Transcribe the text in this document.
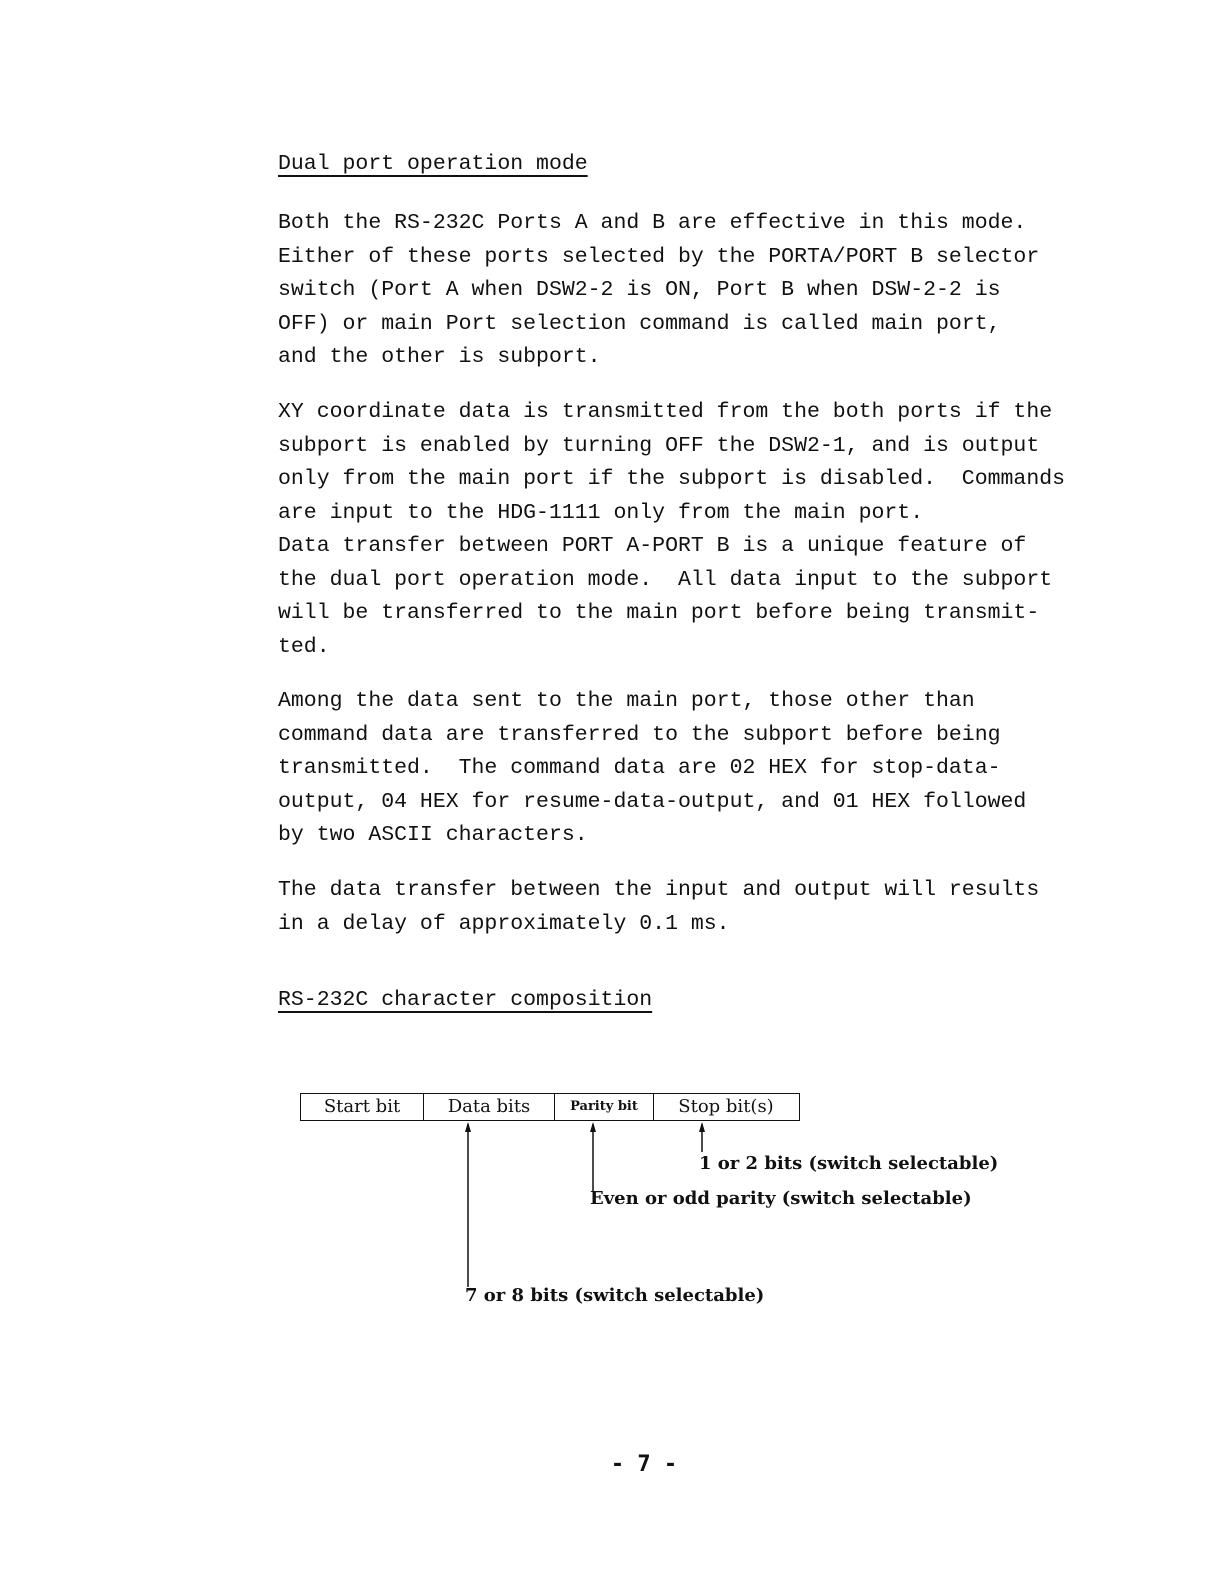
Dual port operation mode
Both the RS-232C Ports A and B are effective in this mode.
Either of these ports selected by the PORTA/PORT B selector
switch (Port A when DSW2-2 is ON, Port B when DSW-2-2 is
OFF) or main Port selection command is called main port,
and the other is subport.
XY coordinate data is transmitted from the both ports if the
subport is enabled by turning OFF the DSW2-1, and is output
only from the main port if the subport is disabled.  Commands
are input to the HDG-1111 only from the main port.
Data transfer between PORT A-PORT B is a unique feature of
the dual port operation mode.  All data input to the subport
will be transferred to the main port before being transmit-
ted.
Among the data sent to the main port, those other than
command data are transferred to the subport before being
transmitted.  The command data are 02 HEX for stop-data-
output, 04 HEX for resume-data-output, and 01 HEX followed
by two ASCII characters.
The data transfer between the input and output will results
in a delay of approximately 0.1 ms.
RS-232C character composition
Start bit	Data bits	Parity bit	Stop bit(s)
1 or 2 bits (switch selectable)
Even or odd parity (switch selectable)
7 or 8 bits (switch selectable)
- 7 -
